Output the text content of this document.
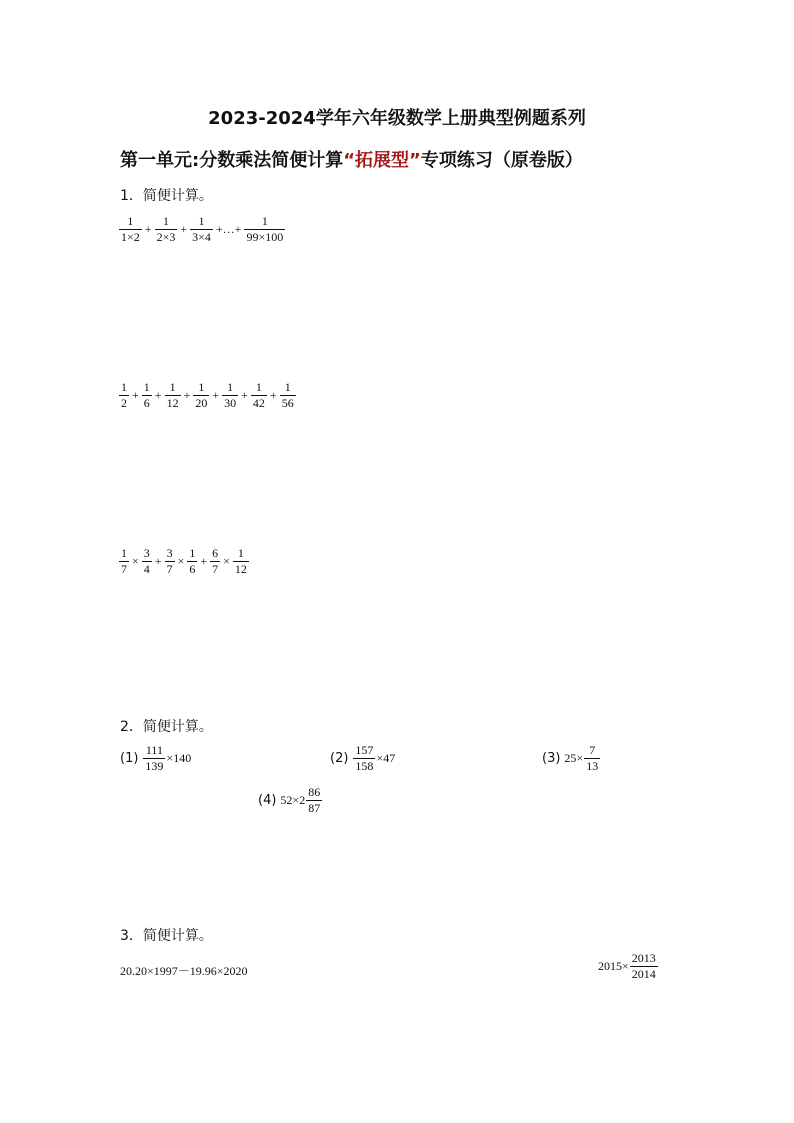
2023-2024学年六年级数学上册典型例题系列
第一单元:分数乘法简便计算“拓展型”专项练习（原卷版）
1．简便计算。
$\frac{1}{1\times 2} + \frac{1}{2\times 3} + \frac{1}{3\times 4}$ +…+ $\frac{1}{99\times 100}$
$\frac{1}{2} + \frac{1}{6} + \frac{1}{12} + \frac{1}{20} + \frac{1}{30} + \frac{1}{42} + \frac{1}{56}$
$\frac{1}{7} \times \frac{3}{4} + \frac{3}{7} \times \frac{1}{6} + \frac{6}{7} \times \frac{1}{12}$
2．简便计算。
$(1) \frac{111}{139} \times 140$	$(2) \frac{157}{158} \times 47$	(3) $25\times \frac{7}{13}$
(4) $52\times 2 \frac{86}{87}$
3．简便计算。
20.20×1997－19.96×2020	$2015\times \frac{2013}{2014}$
